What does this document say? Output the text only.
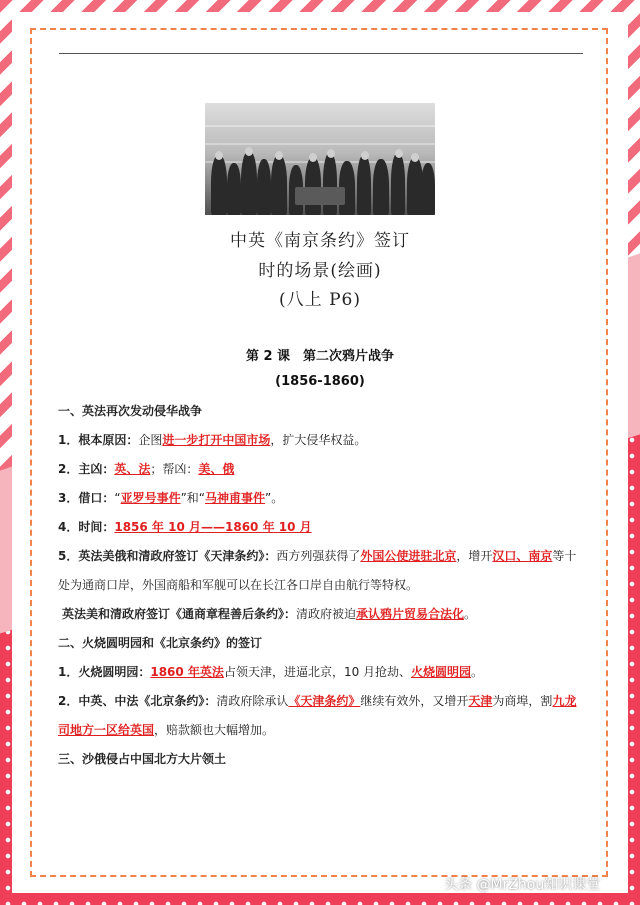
中英《南京条约》签订
时的场景(绘画)
(八上 P6)
第 2 课　第二次鸦片战争
(1856-1860)
一、英法再次发动侵华战争
1．根本原因：企图进一步打开中国市场，扩大侵华权益。
2．主凶：英、法；帮凶：美、俄
3．借口：“亚罗号事件”和“马神甫事件”。
4．时间：1856 年 10 月——1860 年 10 月
5．英法美俄和清政府签订《天津条约》：西方列强获得了外国公使进驻北京，增开汉口、南京等十
处为通商口岸，外国商船和军舰可以在长江各口岸自由航行等特权。
英法美和清政府签订《通商章程善后条约》：清政府被迫承认鸦片贸易合法化。
二、火烧圆明园和《北京条约》的签订
1．火烧圆明园：1860 年英法占领天津，进逼北京，10 月抢劫、火烧圆明园。
2．中英、中法《北京条约》：清政府除承认《天津条约》继续有效外，又增开天津为商埠，割九龙
司地方一区给英国，赔款额也大幅增加。
三、沙俄侵占中国北方大片领土
头条 @MrZhou知识课堂
